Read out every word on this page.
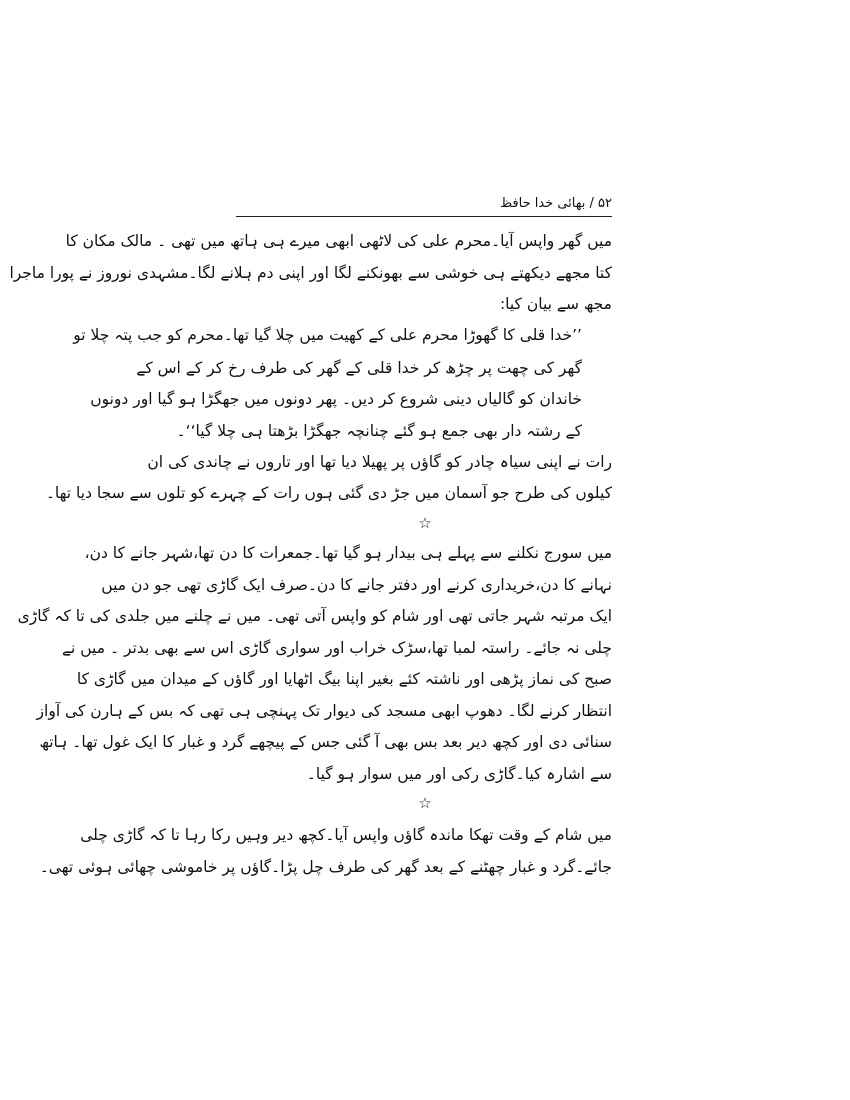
۵۲ / بھائی خدا حافظ
میں گھر واپس آیا۔محرم علی کی لاٹھی ابھی میرے ہی ہاتھ میں تھی ۔ مالک مکان کا
کتا مجھے دیکھتے ہی خوشی سے بھونکنے لگا اور اپنی دم ہلانے لگا۔مشہدی نوروز نے پورا ماجرا
مجھ سے بیان کیا:
’’خدا قلی کا گھوڑا محرم علی کے کھیت میں چلا گیا تھا۔محرم کو جب پتہ چلا تو
گھر کی چھت پر چڑھ کر خدا قلی کے گھر کی طرف رخ کر کے اس کے
خاندان کو گالیاں دینی شروع کر دیں۔ پھر دونوں میں جھگڑا ہو گیا اور دونوں
کے رشتہ دار بھی جمع ہو گئے چنانچہ جھگڑا بڑھتا ہی چلا گیا‘‘۔
رات نے اپنی سیاہ چادر کو گاؤں پر پھیلا دیا تھا اور تاروں نے چاندی کی ان
کیلوں کی طرح جو آسمان میں جڑ دی گئی ہوں رات کے چہرے کو تلوں سے سجا دیا تھا۔
☆
میں سورج نکلنے سے پہلے ہی بیدار ہو گیا تھا۔جمعرات کا دن تھا،شہر جانے کا دن،
نہانے کا دن،خریداری کرنے اور دفتر جانے کا دن۔صرف ایک گاڑی تھی جو دن میں
ایک مرتبہ شہر جاتی تھی اور شام کو واپس آتی تھی۔ میں نے چلنے میں جلدی کی تا کہ گاڑی
چلی نہ جائے۔ راستہ لمبا تھا،سڑک خراب اور سواری گاڑی اس سے بھی بدتر ۔ میں نے
صبح کی نماز پڑھی اور ناشتہ کئے بغیر اپنا بیگ اٹھایا اور گاؤں کے میدان میں گاڑی کا
انتظار کرنے لگا۔ دھوپ ابھی مسجد کی دیوار تک پہنچی ہی تھی کہ بس کے ہارن کی آواز
سنائی دی اور کچھ دیر بعد بس بھی آ گئی جس کے پیچھے گرد و غبار کا ایک غول تھا۔ ہاتھ
سے اشارہ کیا۔گاڑی رکی اور میں سوار ہو گیا۔
☆
میں شام کے وقت تھکا ماندہ گاؤں واپس آیا۔کچھ دیر وہیں رکا رہا تا کہ گاڑی چلی
جائے۔گرد و غبار چھٹنے کے بعد گھر کی طرف چل پڑا۔گاؤں پر خاموشی چھائی ہوئی تھی۔
